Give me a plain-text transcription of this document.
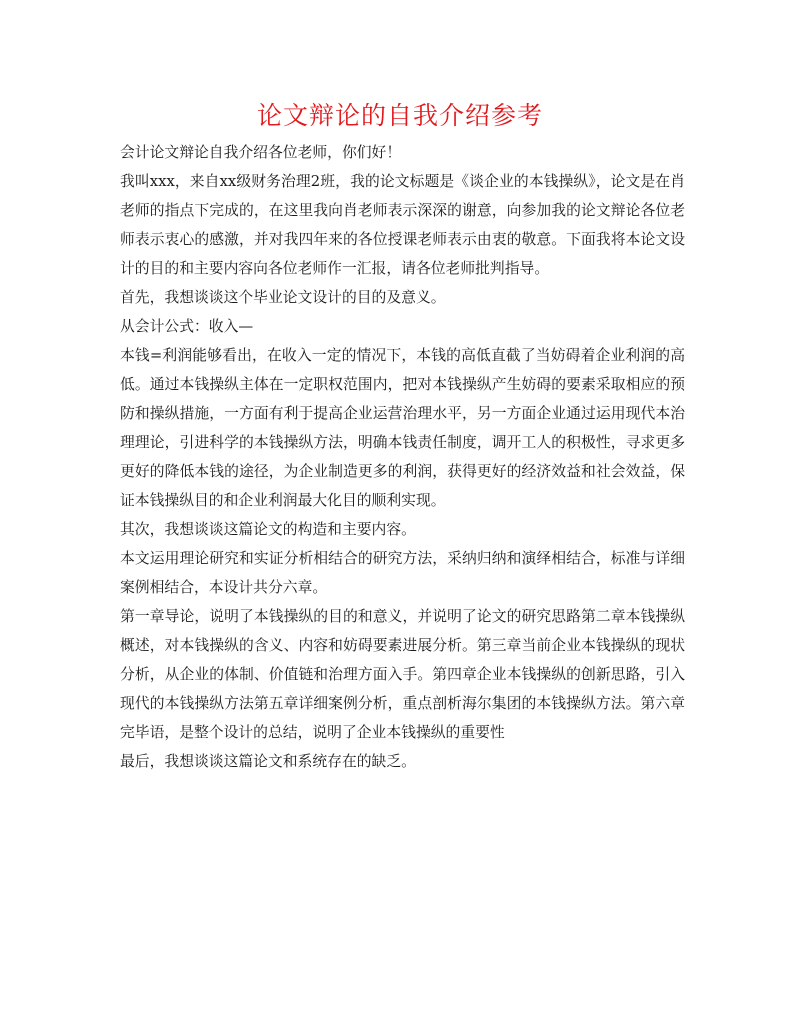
论文辩论的自我介绍参考

会计论文辩论自我介绍各位老师，你们好！

我叫xxx，来自xx级财务治理2班，我的论文标题是《谈企业的本钱操纵》，论文是在肖老师的指点下完成的，在这里我向肖老师表示深深的谢意，向参加我的论文辩论各位老师表示衷心的感激，并对我四年来的各位授课老师表示由衷的敬意。下面我将本论文设计的目的和主要内容向各位老师作一汇报，请各位老师批判指导。

首先，我想谈谈这个毕业论文设计的目的及意义。

从会计公式：收入—

本钱=利润能够看出，在收入一定的情况下，本钱的高低直截了当妨碍着企业利润的高低。通过本钱操纵主体在一定职权范围内，把对本钱操纵产生妨碍的要素采取相应的预防和操纵措施，一方面有利于提高企业运营治理水平，另一方面企业通过运用现代本治理理论，引进科学的本钱操纵方法，明确本钱责任制度，调开工人的积极性，寻求更多更好的降低本钱的途径，为企业制造更多的利润，获得更好的经济效益和社会效益，保证本钱操纵目的和企业利润最大化目的顺利实现。

其次，我想谈谈这篇论文的构造和主要内容。

本文运用理论研究和实证分析相结合的研究方法，采纳归纳和演绎相结合，标准与详细案例相结合，本设计共分六章。

第一章导论，说明了本钱操纵的目的和意义，并说明了论文的研究思路第二章本钱操纵概述，对本钱操纵的含义、内容和妨碍要素进展分析。第三章当前企业本钱操纵的现状分析，从企业的体制、价值链和治理方面入手。第四章企业本钱操纵的创新思路，引入现代的本钱操纵方法第五章详细案例分析，重点剖析海尔集团的本钱操纵方法。第六章完毕语，是整个设计的总结，说明了企业本钱操纵的重要性

最后，我想谈谈这篇论文和系统存在的缺乏。
